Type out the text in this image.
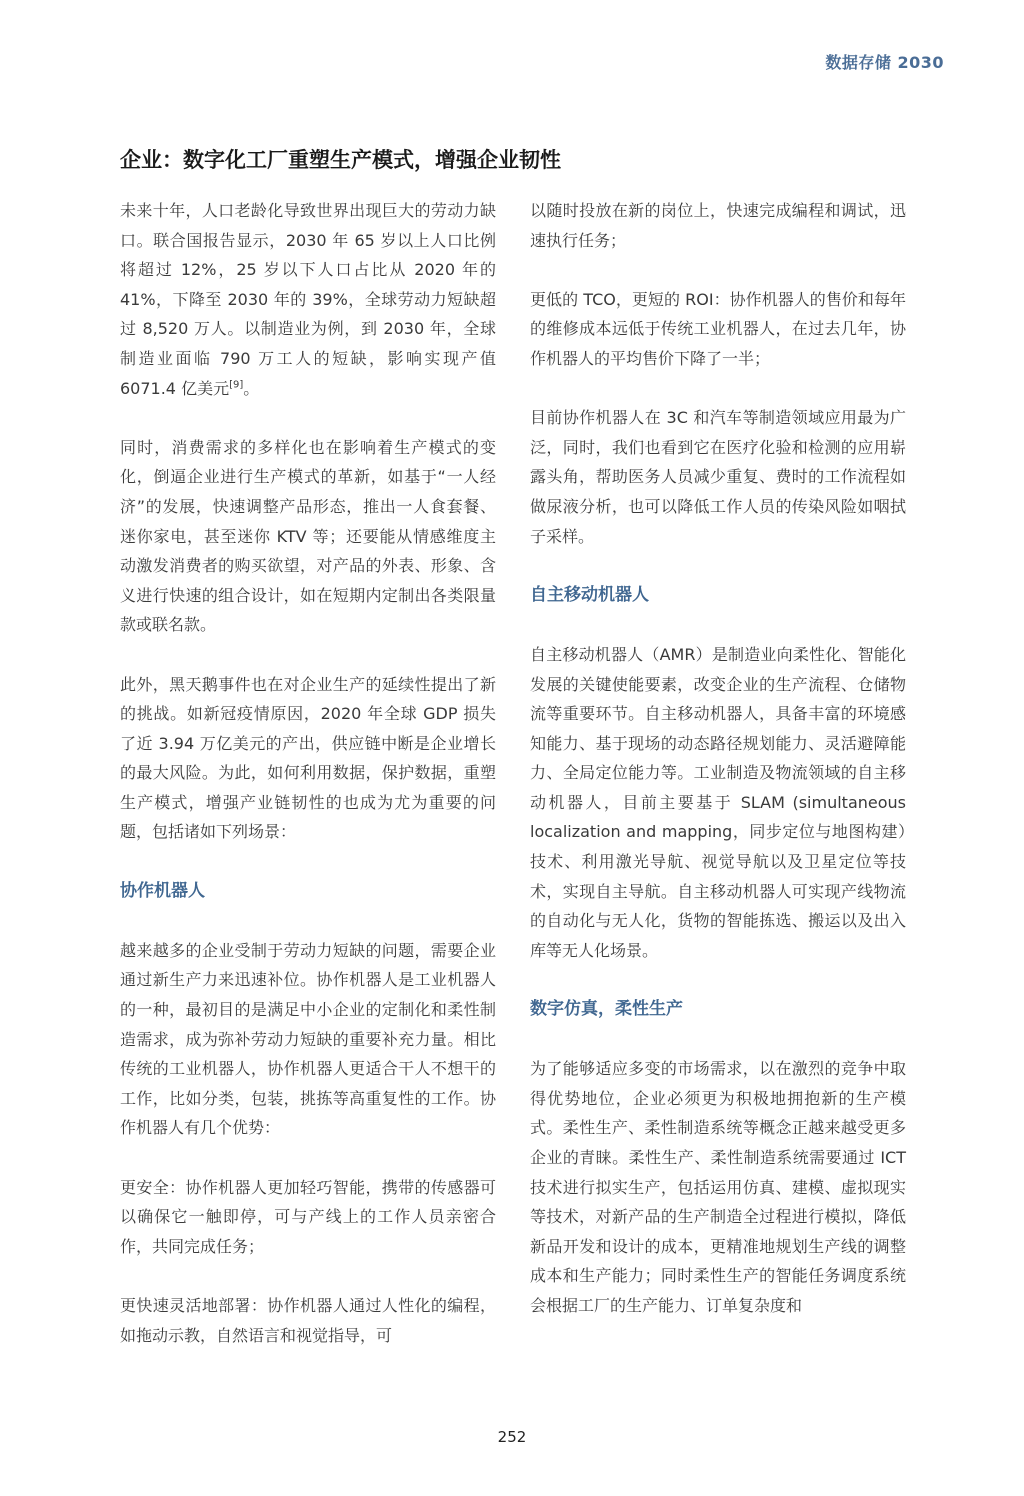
数据存储 2030
企业：数字化工厂重塑生产模式，增强企业韧性

未来十年，人口老龄化导致世界出现巨大的劳动力缺口。联合国报告显示，2030 年 65 岁以上人口比例将超过 12%，25 岁以下人口占比从 2020 年的 41%，下降至 2030 年的 39%，全球劳动力短缺超过 8,520 万人。以制造业为例，到 2030 年，全球制造业面临 790 万工人的短缺，影响实现产值 6071.4 亿美元[9]。

同时，消费需求的多样化也在影响着生产模式的变化，倒逼企业进行生产模式的革新，如基于“一人经济”的发展，快速调整产品形态，推出一人食套餐、迷你家电，甚至迷你 KTV 等；还要能从情感维度主动激发消费者的购买欲望，对产品的外表、形象、含义进行快速的组合设计，如在短期内定制出各类限量款或联名款。

此外，黑天鹅事件也在对企业生产的延续性提出了新的挑战。如新冠疫情原因，2020 年全球 GDP 损失了近 3.94 万亿美元的产出，供应链中断是企业增长的最大风险。为此，如何利用数据，保护数据，重塑生产模式，增强产业链韧性的也成为尤为重要的问题，包括诸如下列场景：

协作机器人

越来越多的企业受制于劳动力短缺的问题，需要企业通过新生产力来迅速补位。协作机器人是工业机器人的一种，最初目的是满足中小企业的定制化和柔性制造需求，成为弥补劳动力短缺的重要补充力量。相比传统的工业机器人，协作机器人更适合干人不想干的工作，比如分类，包装，挑拣等高重复性的工作。协作机器人有几个优势：

更安全：协作机器人更加轻巧智能，携带的传感器可以确保它一触即停，可与产线上的工作人员亲密合作，共同完成任务；

更快速灵活地部署：协作机器人通过人性化的编程，如拖动示教，自然语言和视觉指导，可

以随时投放在新的岗位上，快速完成编程和调试，迅速执行任务；

更低的 TCO，更短的 ROI：协作机器人的售价和每年的维修成本远低于传统工业机器人，在过去几年，协作机器人的平均售价下降了一半；

目前协作机器人在 3C 和汽车等制造领域应用最为广泛，同时，我们也看到它在医疗化验和检测的应用崭露头角，帮助医务人员减少重复、费时的工作流程如做尿液分析，也可以降低工作人员的传染风险如咽拭子采样。

自主移动机器人

自主移动机器人（AMR）是制造业向柔性化、智能化发展的关键使能要素，改变企业的生产流程、仓储物流等重要环节。自主移动机器人，具备丰富的环境感知能力、基于现场的动态路径规划能力、灵活避障能力、全局定位能力等。工业制造及物流领域的自主移动机器人，目前主要基于 SLAM (simultaneous localization and mapping，同步定位与地图构建）技术、利用激光导航、视觉导航以及卫星定位等技术，实现自主导航。自主移动机器人可实现产线物流的自动化与无人化，货物的智能拣选、搬运以及出入库等无人化场景。

数字仿真，柔性生产

为了能够适应多变的市场需求，以在激烈的竞争中取得优势地位，企业必须更为积极地拥抱新的生产模式。柔性生产、柔性制造系统等概念正越来越受更多企业的青睐。柔性生产、柔性制造系统需要通过 ICT 技术进行拟实生产，包括运用仿真、建模、虚拟现实等技术，对新产品的生产制造全过程进行模拟，降低新品开发和设计的成本，更精准地规划生产线的调整成本和生产能力；同时柔性生产的智能任务调度系统会根据工厂的生产能力、订单复杂度和

252
